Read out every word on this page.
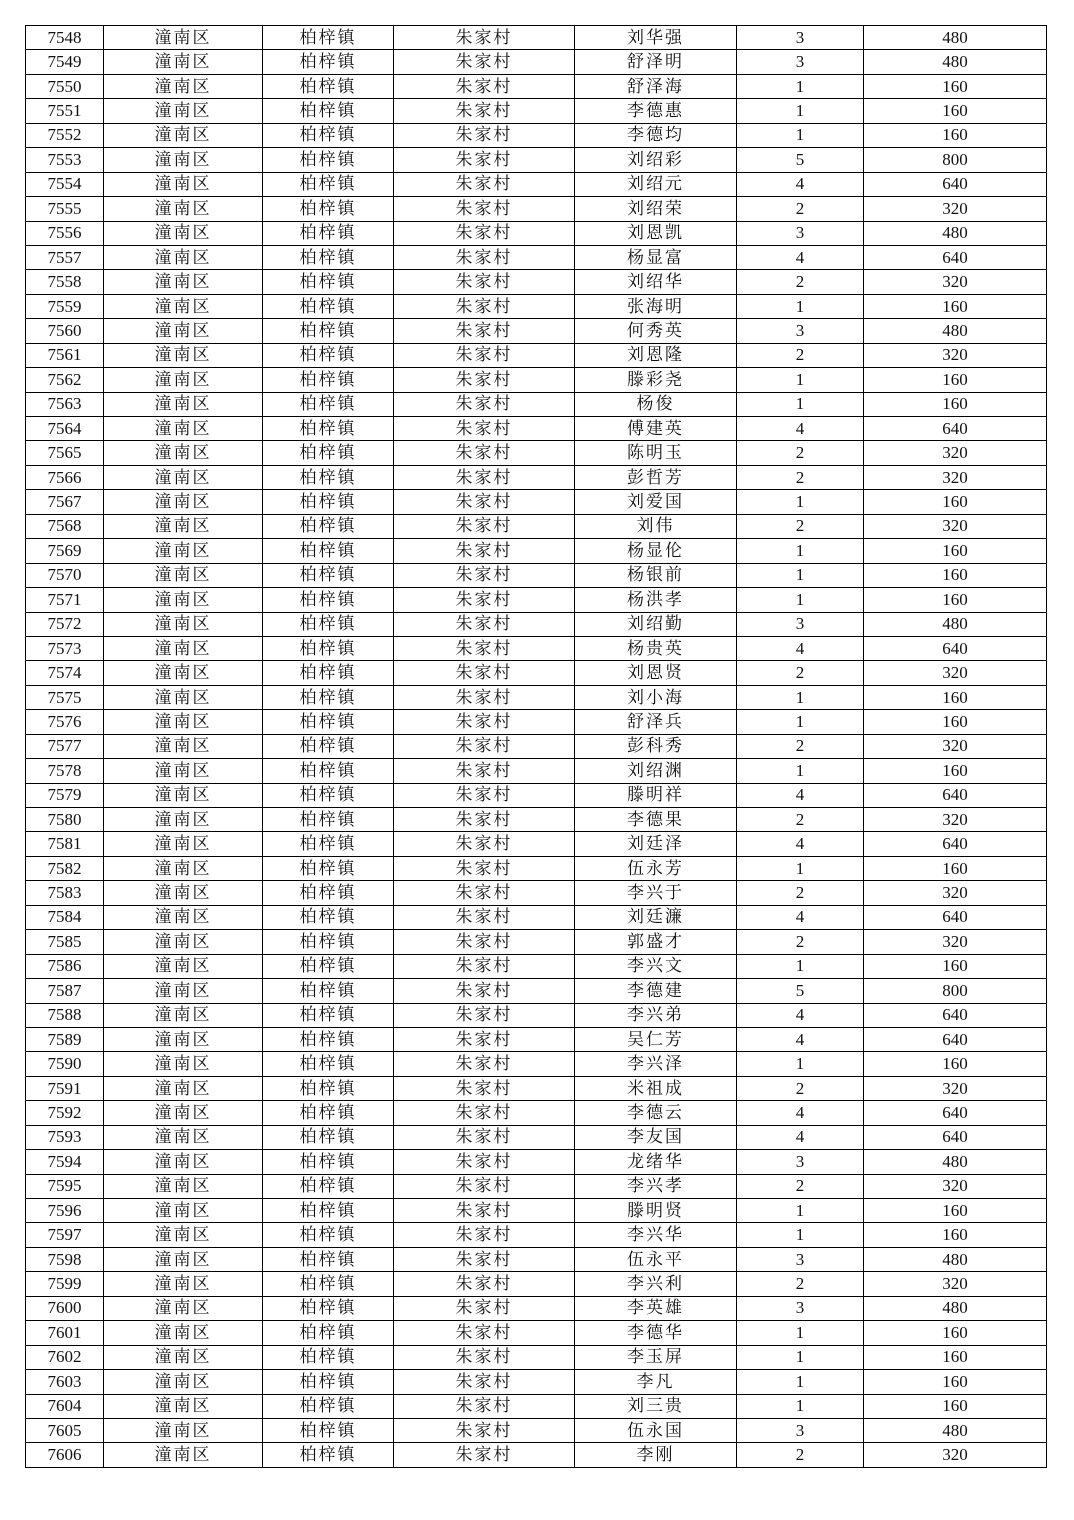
7548	潼南区	柏梓镇	朱家村	刘华强	3	480
7549	潼南区	柏梓镇	朱家村	舒泽明	3	480
7550	潼南区	柏梓镇	朱家村	舒泽海	1	160
7551	潼南区	柏梓镇	朱家村	李德惠	1	160
7552	潼南区	柏梓镇	朱家村	李德均	1	160
7553	潼南区	柏梓镇	朱家村	刘绍彩	5	800
7554	潼南区	柏梓镇	朱家村	刘绍元	4	640
7555	潼南区	柏梓镇	朱家村	刘绍荣	2	320
7556	潼南区	柏梓镇	朱家村	刘恩凯	3	480
7557	潼南区	柏梓镇	朱家村	杨显富	4	640
7558	潼南区	柏梓镇	朱家村	刘绍华	2	320
7559	潼南区	柏梓镇	朱家村	张海明	1	160
7560	潼南区	柏梓镇	朱家村	何秀英	3	480
7561	潼南区	柏梓镇	朱家村	刘恩隆	2	320
7562	潼南区	柏梓镇	朱家村	滕彩尧	1	160
7563	潼南区	柏梓镇	朱家村	杨俊	1	160
7564	潼南区	柏梓镇	朱家村	傅建英	4	640
7565	潼南区	柏梓镇	朱家村	陈明玉	2	320
7566	潼南区	柏梓镇	朱家村	彭哲芳	2	320
7567	潼南区	柏梓镇	朱家村	刘爱国	1	160
7568	潼南区	柏梓镇	朱家村	刘伟	2	320
7569	潼南区	柏梓镇	朱家村	杨显伦	1	160
7570	潼南区	柏梓镇	朱家村	杨银前	1	160
7571	潼南区	柏梓镇	朱家村	杨洪孝	1	160
7572	潼南区	柏梓镇	朱家村	刘绍勤	3	480
7573	潼南区	柏梓镇	朱家村	杨贵英	4	640
7574	潼南区	柏梓镇	朱家村	刘恩贤	2	320
7575	潼南区	柏梓镇	朱家村	刘小海	1	160
7576	潼南区	柏梓镇	朱家村	舒泽兵	1	160
7577	潼南区	柏梓镇	朱家村	彭科秀	2	320
7578	潼南区	柏梓镇	朱家村	刘绍渊	1	160
7579	潼南区	柏梓镇	朱家村	滕明祥	4	640
7580	潼南区	柏梓镇	朱家村	李德果	2	320
7581	潼南区	柏梓镇	朱家村	刘廷泽	4	640
7582	潼南区	柏梓镇	朱家村	伍永芳	1	160
7583	潼南区	柏梓镇	朱家村	李兴于	2	320
7584	潼南区	柏梓镇	朱家村	刘廷濂	4	640
7585	潼南区	柏梓镇	朱家村	郭盛才	2	320
7586	潼南区	柏梓镇	朱家村	李兴文	1	160
7587	潼南区	柏梓镇	朱家村	李德建	5	800
7588	潼南区	柏梓镇	朱家村	李兴弟	4	640
7589	潼南区	柏梓镇	朱家村	吴仁芳	4	640
7590	潼南区	柏梓镇	朱家村	李兴泽	1	160
7591	潼南区	柏梓镇	朱家村	米祖成	2	320
7592	潼南区	柏梓镇	朱家村	李德云	4	640
7593	潼南区	柏梓镇	朱家村	李友国	4	640
7594	潼南区	柏梓镇	朱家村	龙绪华	3	480
7595	潼南区	柏梓镇	朱家村	李兴孝	2	320
7596	潼南区	柏梓镇	朱家村	滕明贤	1	160
7597	潼南区	柏梓镇	朱家村	李兴华	1	160
7598	潼南区	柏梓镇	朱家村	伍永平	3	480
7599	潼南区	柏梓镇	朱家村	李兴利	2	320
7600	潼南区	柏梓镇	朱家村	李英雄	3	480
7601	潼南区	柏梓镇	朱家村	李德华	1	160
7602	潼南区	柏梓镇	朱家村	李玉屏	1	160
7603	潼南区	柏梓镇	朱家村	李凡	1	160
7604	潼南区	柏梓镇	朱家村	刘三贵	1	160
7605	潼南区	柏梓镇	朱家村	伍永国	3	480
7606	潼南区	柏梓镇	朱家村	李刚	2	320
